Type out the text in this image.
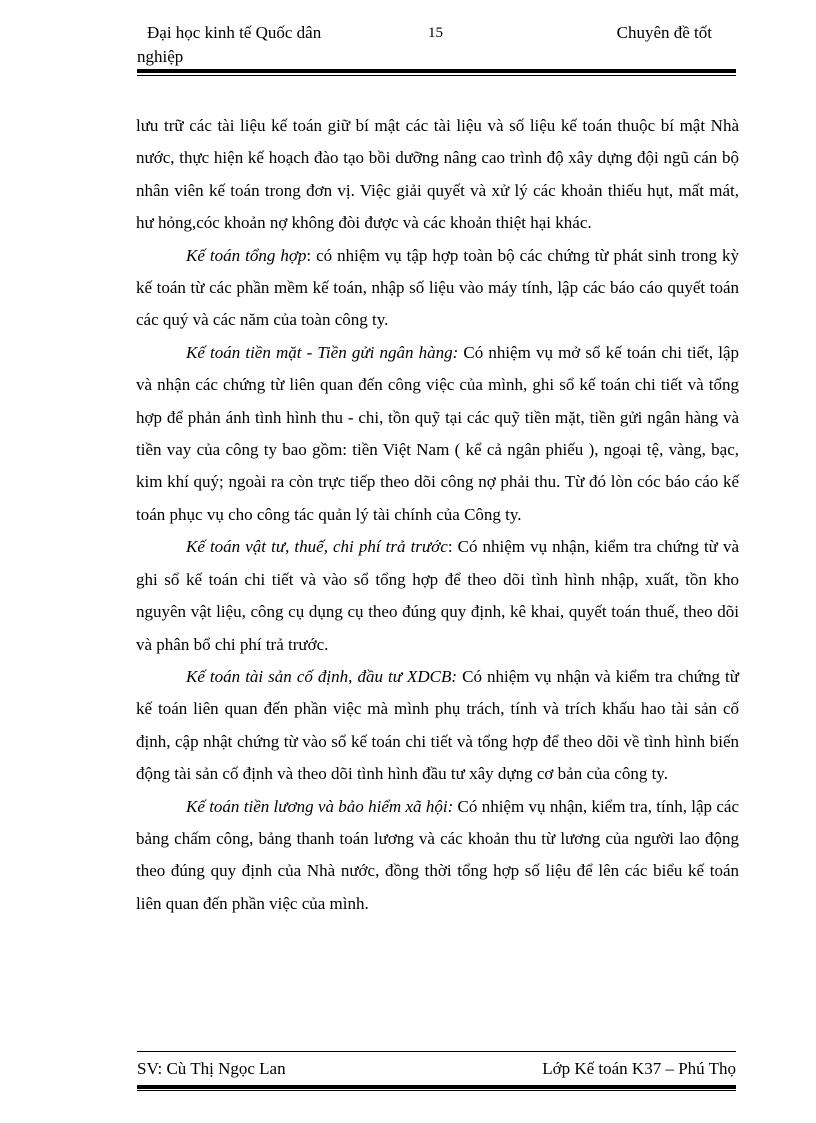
Đại học kinh tế Quốc dân
nghiệp
15	Chuyên đề tốt

lưu trữ các tài liệu kế toán giữ bí mật các tài liệu và số liệu kế toán thuộc bí mật Nhà nước, thực hiện kế hoạch đào tạo bồi dưỡng nâng cao trình độ xây dựng đội ngũ cán bộ nhân viên kế toán trong đơn vị. Việc giải quyết và xử lý các khoản thiếu hụt, mất mát, hư hỏng,cóc khoản nợ không đòi được và các khoản thiệt hại khác.

Kế toán tổng hợp: có nhiệm vụ tập hợp toàn bộ các chứng từ phát sinh trong kỳ kế toán từ các phần mềm kế toán, nhập số liệu vào máy tính, lập các báo cáo quyết toán các quý và các năm của toàn công ty.

Kế toán tiền mặt - Tiền gửi ngân hàng: Có nhiệm vụ mở sổ kế toán chi tiết, lập và nhận các chứng từ liên quan đến công việc của mình, ghi sổ kế toán chi tiết và tổng hợp để phản ánh tình hình thu - chi, tồn quỹ tại các quỹ tiền mặt, tiền gửi ngân hàng và tiền vay của công ty bao gồm: tiền Việt Nam ( kể cả ngân phiếu ), ngoại tệ, vàng, bạc, kim khí quý; ngoài ra còn trực tiếp theo dõi công nợ phải thu. Từ đó lòn cóc báo cáo kế toán phục vụ cho công tác quản lý tài chính của Công ty.

Kế toán vật tư, thuế, chi phí trả trước: Có nhiệm vụ nhận, kiểm tra chứng từ và ghi sổ kế toán chi tiết và vào sổ tổng hợp để theo dõi tình hình nhập, xuất, tồn kho nguyên vật liệu, công cụ dụng cụ theo đúng quy định, kê khai, quyết toán thuế, theo dõi và phân bổ chi phí trả trước.

Kế toán tài sản cố định, đầu tư XDCB: Có nhiệm vụ nhận và kiểm tra chứng từ kế toán liên quan đến phần việc mà mình phụ trách, tính và trích khấu hao tài sản cố định, cập nhật chứng từ vào sổ kế toán chi tiết và tổng hợp để theo dõi về tình hình biến động tài sản cố định và theo dõi tình hình đầu tư xây dựng cơ bản của công ty.

Kế toán tiền lương và bảo hiểm xã hội: Có nhiệm vụ nhận, kiểm tra, tính, lập các bảng chấm công, bảng thanh toán lương và các khoản thu từ lương của người lao động theo đúng quy định của Nhà nước, đồng thời tổng hợp số liệu để lên các biểu kế toán liên quan đến phần việc của mình.

SV: Cù Thị Ngọc Lan	Lớp Kế toán K37 – Phú Thọ
